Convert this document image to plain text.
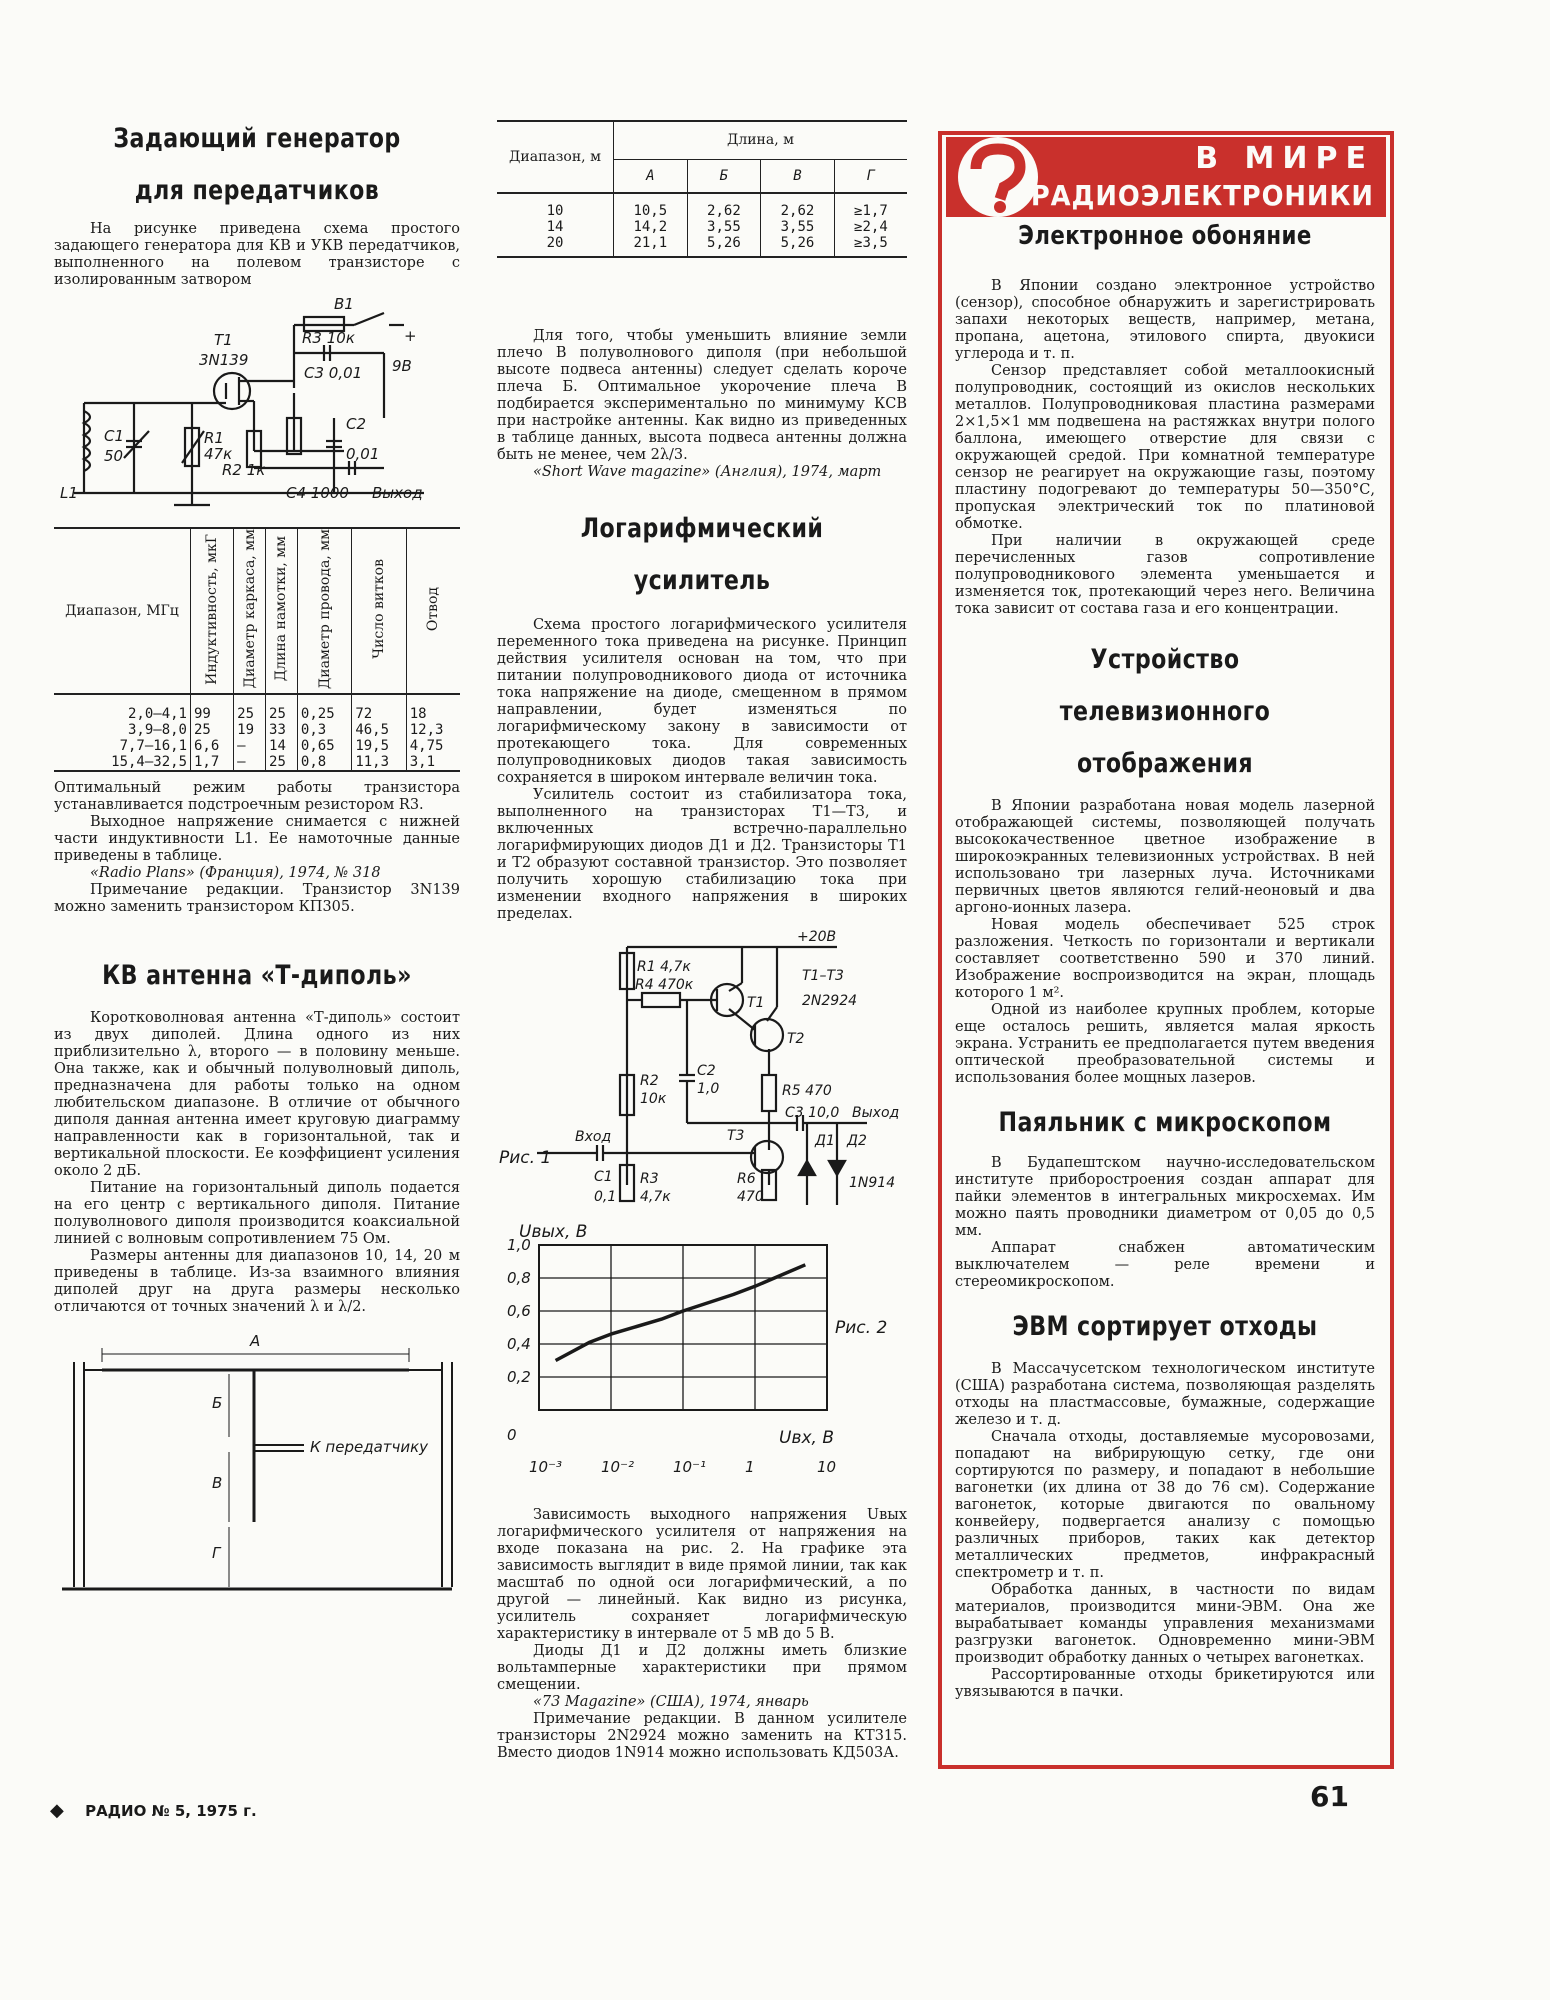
Задающий генератор
для передатчиков

На рисунке приведена схема простого задающего генератора для КВ и УКВ передатчиков, выполненного на полевом транзисторе с изолированным затвором

B1
R3 10к
T1
3N139
C3 0,01
+
9В
C1
50
R1
47к
R2 1к
C2
0,01
L1	C4 1000 Выход
Диапазон, МГц	Индуктивность, мкГ	Диаметр каркаса, мм	Длина намотки, мм	Диаметр провода, мм	Число витков	Отвод
2,0—4,1	99	25	25	0,25	72	18
3,9—8,0	25	19	33	0,3	46,5	12,3
7,7—16,1	6,6	—	14	0,65	19,5	4,75
15,4—32,5	1,7	—	25	0,8	11,3	3,1

Оптимальный режим работы транзистора устанавливается подстроечным резистором R3.

Выходное напряжение снимается с нижней части индуктивности L1. Ее намоточные данные приведены в таблице.

«Radio Plans» (Франция), 1974, № 318

Примечание редакции. Транзистор 3N139 можно заменить транзистором КП305.

КВ антенна «Т-диполь»

Коротковолновая антенна «Т-диполь» состоит из двух диполей. Длина одного из них приблизительно λ, второго — в половину меньше. Она также, как и обычный полуволновый диполь, предназначена для работы только на одном любительском диапазоне. В отличие от обычного диполя данная антенна имеет круговую диаграмму направленности как в горизонтальной, так и вертикальной плоскости. Ее коэффициент усиления около 2 дБ.

Питание на горизонтальный диполь подается на его центр с вертикального диполя. Питание полуволнового диполя производится коаксиальной линией с волновым сопротивлением 75 Ом.

Размеры антенны для диапазонов 10, 14, 20 м приведены в таблице. Из-за взаимного влияния диполей друг на друга размеры несколько отличаются от точных значений λ и λ/2.

А
Б
В
Г
К передатчику
Диапазон, м	Длина, м			
	А	Б	В	Г
10	10,5	2,62	2,62	≥1,7
14	14,2	3,55	3,55	≥2,4
20	21,1	5,26	5,26	≥3,5

Для того, чтобы уменьшить влияние земли плечо В полуволнового диполя (при небольшой высоте подвеса антенны) следует сделать короче плеча Б. Оптимальное укорочение плеча В подбирается экспериментально по минимуму КСВ при настройке антенны. Как видно из приведенных в таблице данных, высота подвеса антенны должна быть не менее, чем 2λ/3.

«Short Wave magazine» (Англия), 1974, март

Логарифмический усилитель

Схема простого логарифмического усилителя переменного тока приведена на рисунке. Принцип действия усилителя основан на том, что при питании полупроводникового диода от источника тока напряжение на диоде, смещенном в прямом направлении, будет изменяться по логарифмическому закону в зависимости от протекающего тока. Для современных полупроводниковых диодов такая зависимость сохраняется в широком интервале величин тока.

Усилитель состоит из стабилизатора тока, выполненного на транзисторах Т1—Т3, и включенных встречно-параллельно логарифмирующих диодов Д1 и Д2. Транзисторы Т1 и Т2 образуют составной транзистор. Это позволяет получить хорошую стабилизацию тока при изменении входного напряжения в широких пределах.

+20В
R1 4,7к
R4 470к
T1
T1–T3
2N2924
T2
R2
10к
C2
1,0	R5 470
C3 10,0 Выход
Вход
Рис. 1
C1
0,1
T3
R3
4,7к
R6
470
Д1 Д2
1N914
10⁻³	10⁻²	10⁻¹	1	10
0
0,2
0,4
0,6
0,8
1,0
Uвых, В
Uвх, В
Рис. 2

Зависимость выходного напряжения Uвых логарифмического усилителя от напряжения на входе показана на рис. 2. На графике эта зависимость выглядит в виде прямой линии, так как масштаб по одной оси логарифмический, а по другой — линейный. Как видно из рисунка, усилитель сохраняет логарифмическую характеристику в интервале от 5 мВ до 5 В.

Диоды Д1 и Д2 должны иметь близкие вольтамперные характеристики при прямом смещении.

«73 Magazine» (США), 1974, январь

Примечание редакции. В данном усилителе транзисторы 2N2924 можно заменить на КТ315. Вместо диодов 1N914 можно использовать КД503А.

В МИРЕ
РАДИОЭЛЕКТРОНИКИ
Электронное обоняние

В Японии создано электронное устройство (сензор), способное обнаружить и зарегистрировать запахи некоторых веществ, например, метана, пропана, ацетона, этилового спирта, двуокиси углерода и т. п.

Сензор представляет собой металлоокисный полупроводник, состоящий из окислов нескольких металлов. Полупроводниковая пластина размерами 2×1,5×1 мм подвешена на растяжках внутри полого баллона, имеющего отверстие для связи с окружающей средой. При комнатной температуре сензор не реагирует на окружающие газы, поэтому пластину подогревают до температуры 50—350°С, пропуская электрический ток по платиновой обмотке.

При наличии в окружающей среде перечисленных газов сопротивление полупроводникового элемента уменьшается и изменяется ток, протекающий через него. Величина тока зависит от состава газа и его концентрации.

Устройство телевизионного
отображения

В Японии разработана новая модель лазерной отображающей системы, позволяющей получать высококачественное цветное изображение в широкоэкранных телевизионных устройствах. В ней использовано три лазерных луча. Источниками первичных цветов являются гелий-неоновый и два аргоно-ионных лазера.

Новая модель обеспечивает 525 строк разложения. Четкость по горизонтали и вертикали составляет соответственно 590 и 370 линий. Изображение воспроизводится на экран, площадь которого 1 м².

Одной из наиболее крупных проблем, которые еще осталось решить, является малая яркость экрана. Устранить ее предполагается путем введения оптической преобразовательной системы и использования более мощных лазеров.

Паяльник с микроскопом

В Будапештском научно-исследовательском институте приборостроения создан аппарат для пайки элементов в интегральных микросхемах. Им можно паять проводники диаметром от 0,05 до 0,5 мм.

Аппарат снабжен автоматическим выключателем — реле времени и стереомикроскопом.

ЭВМ сортирует отходы

В Массачусетском технологическом институте (США) разработана система, позволяющая разделять отходы на пластмассовые, бумажные, содержащие железо и т. д.

Сначала отходы, доставляемые мусоровозами, попадают на вибрирующую сетку, где они сортируются по размеру, и попадают в небольшие вагонетки (их длина от 38 до 76 см). Содержание вагонеток, которые двигаются по овальному конвейеру, подвергается анализу с помощью различных приборов, таких как детектор металлических предметов, инфракрасный спектрометр и т. п.

Обработка данных, в частности по видам материалов, производится мини-ЭВМ. Она же вырабатывает команды управления механизмами разгрузки вагонеток. Одновременно мини-ЭВМ производит обработку данных о четырех вагонетках.

Рассортированные отходы брикетируются или увязываются в пачки.

◆ РАДИО № 5, 1975 г.	61
